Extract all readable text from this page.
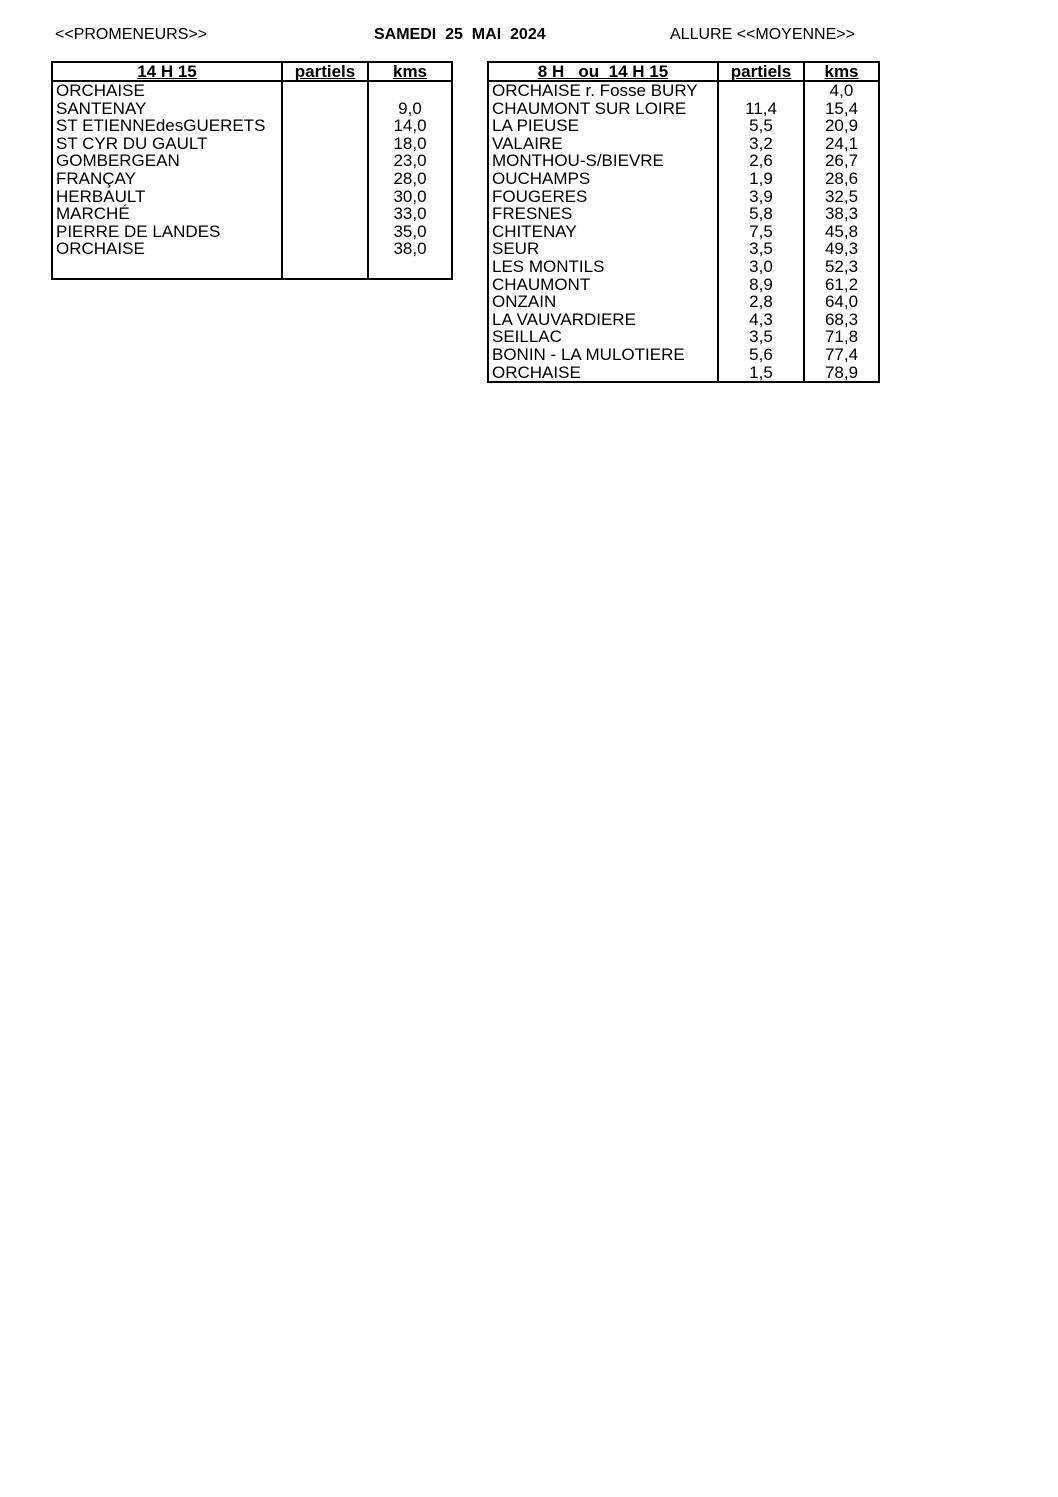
<<PROMENEURS>>	SAMEDI  25  MAI  2024	ALLURE <<MOYENNE>>
14 H 15	partiels	kms
ORCHAISE		
SANTENAY		9,0
ST ETIENNEdesGUERETS		14,0
ST CYR DU GAULT		18,0
GOMBERGEAN		23,0
FRANÇAY		28,0
HERBAULT		30,0
MARCHÉ		33,0
PIERRE DE LANDES		35,0
ORCHAISE		38,0

8 H   ou  14 H 15	partiels	kms
ORCHAISE r. Fosse BURY		4,0
CHAUMONT SUR LOIRE	11,4	15,4
LA PIEUSE	5,5	20,9
VALAIRE	3,2	24,1
MONTHOU-S/BIEVRE	2,6	26,7
OUCHAMPS	1,9	28,6
FOUGERES	3,9	32,5
FRESNES	5,8	38,3
CHITENAY	7,5	45,8
SEUR	3,5	49,3
LES MONTILS	3,0	52,3
CHAUMONT	8,9	61,2
ONZAIN	2,8	64,0
LA VAUVARDIERE	4,3	68,3
SEILLAC	3,5	71,8
BONIN - LA MULOTIERE	5,6	77,4
ORCHAISE	1,5	78,9
